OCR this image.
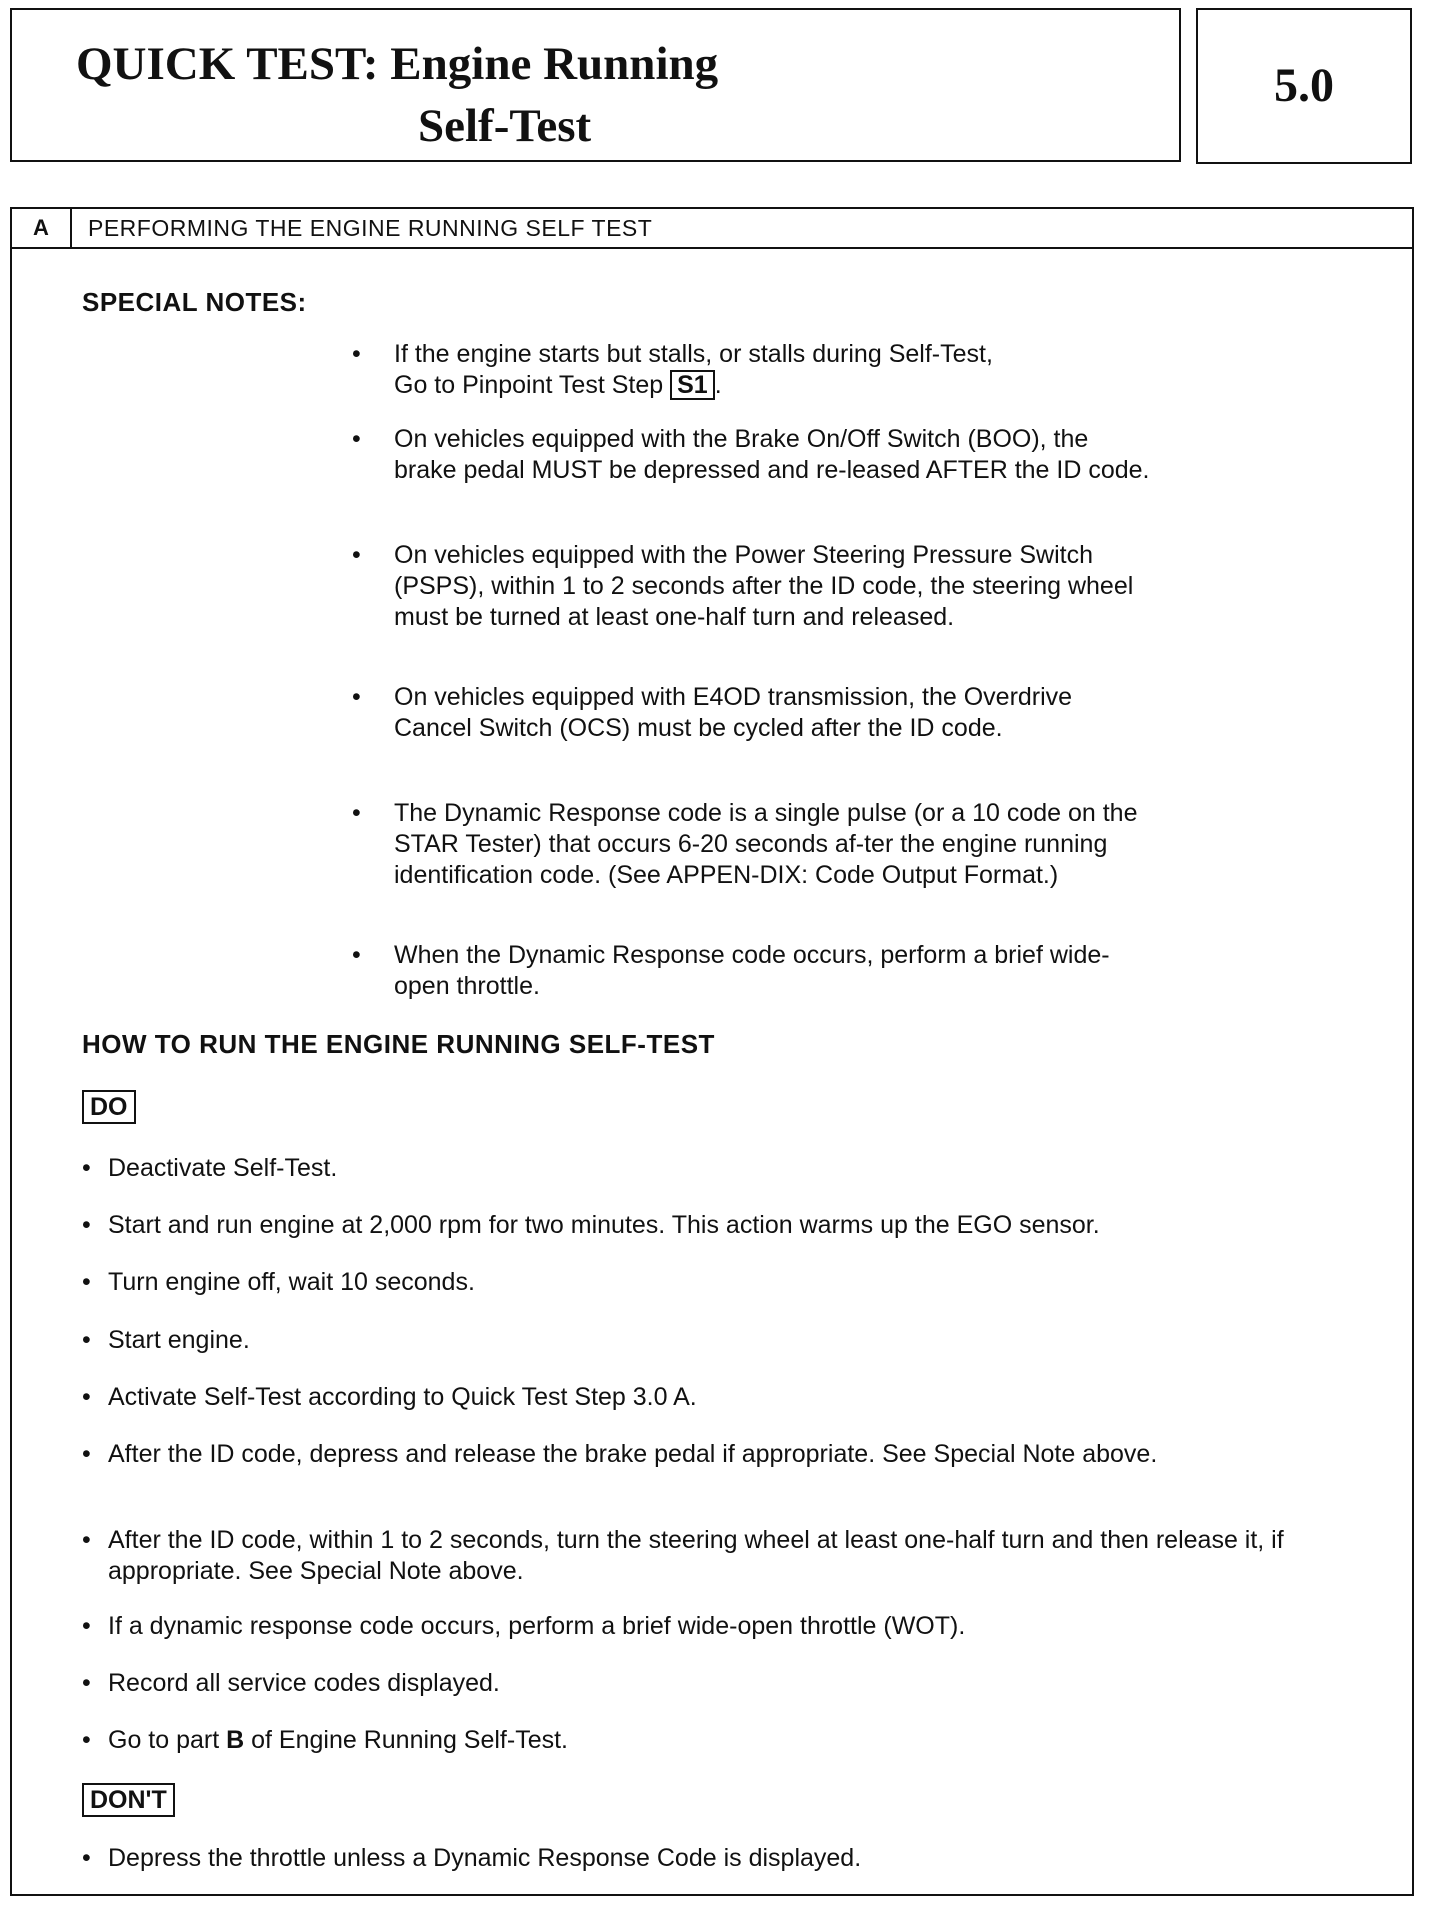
QUICK TEST: Engine Running
Self-Test
5.0
A	PERFORMING THE ENGINE RUNNING SELF TEST
SPECIAL NOTES:
• If the engine starts but stalls, or stalls during Self-Test,
Go to Pinpoint Test Step S1 .
• On vehicles equipped with the Brake On/Off Switch (BOO), the brake pedal MUST be depressed and re-leased AFTER the ID code.
• On vehicles equipped with the Power Steering Pressure Switch (PSPS), within 1 to 2 seconds after the ID code, the steering wheel must be turned at least one-half turn and released.
• On vehicles equipped with E4OD transmission, the Overdrive Cancel Switch (OCS) must be cycled after the ID code.
• The Dynamic Response code is a single pulse (or a 10 code on the STAR Tester) that occurs 6-20 seconds af-ter the engine running identification code. (See APPEN-DIX: Code Output Format.)
• When the Dynamic Response code occurs, perform a brief wide-open throttle.
HOW TO RUN THE ENGINE RUNNING SELF-TEST
DO
• Deactivate Self-Test.
• Start and run engine at 2,000 rpm for two minutes. This action warms up the EGO sensor.
• Turn engine off, wait 10 seconds.
• Start engine.
• Activate Self-Test according to Quick Test Step 3.0 A.
• After the ID code, depress and release the brake pedal if appropriate. See Special Note above.
• After the ID code, within 1 to 2 seconds, turn the steering wheel at least one-half turn and then release it, if appropriate. See Special Note above.
• If a dynamic response code occurs, perform a brief wide-open throttle (WOT).
• Record all service codes displayed.
• Go to part B of Engine Running Self-Test.
DON'T
• Depress the throttle unless a Dynamic Response Code is displayed.
